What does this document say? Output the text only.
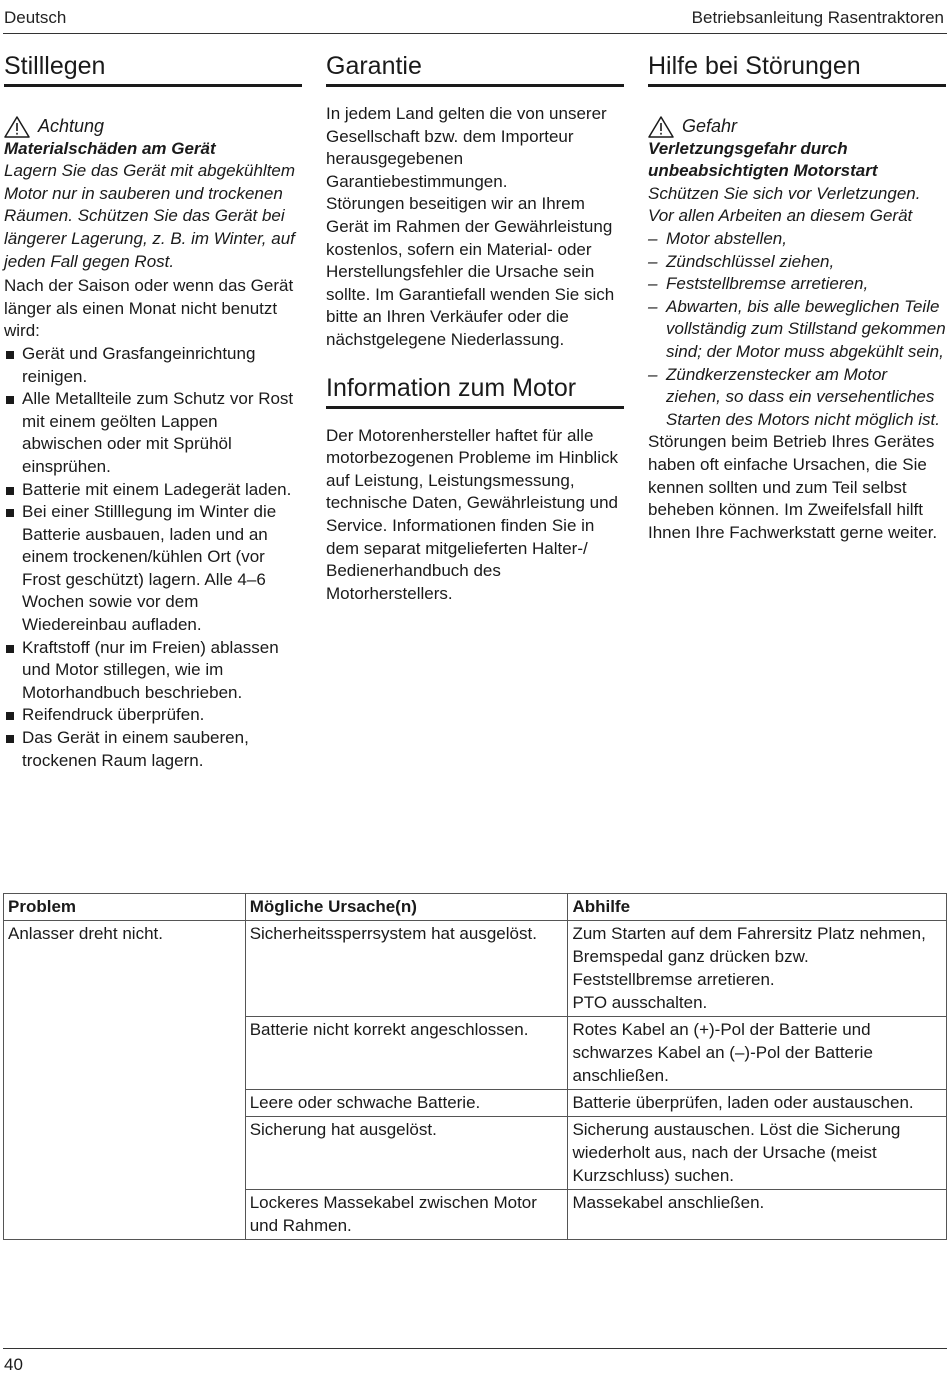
Deutsch	Betriebsanleitung Rasentraktoren
Stilllegen
Achtung

Materialschäden am Gerät

Lagern Sie das Gerät mit abgekühltem Motor nur in sauberen und trockenen Räumen. Schützen Sie das Gerät bei längerer Lagerung, z. B. im Winter, auf jeden Fall gegen Rost.

Nach der Saison oder wenn das Gerät länger als einen Monat nicht benutzt wird:

Gerät und Grasfangeinrichtung reinigen.
Alle Metallteile zum Schutz vor Rost mit einem geölten Lappen abwischen oder mit Sprühöl einsprühen.
Batterie mit einem Ladegerät laden.
Bei einer Stilllegung im Winter die Batterie ausbauen, laden und an einem trockenen/kühlen Ort (vor Frost geschützt) lagern. Alle 4–6 Wochen sowie vor dem Wiedereinbau aufladen.
Kraftstoff (nur im Freien) ablassen und Motor stillegen, wie im Motorhandbuch beschrieben.
Reifendruck überprüfen.
Das Gerät in einem sauberen, trockenen Raum lagern.
Garantie

In jedem Land gelten die von unserer Gesellschaft bzw. dem Importeur herausgegebenen Garantiebestimmungen.

Störungen beseitigen wir an Ihrem Gerät im Rahmen der Gewährleistung kostenlos, sofern ein Material- oder Herstellungsfehler die Ursache sein sollte. Im Garantiefall wenden Sie sich bitte an Ihren Verkäufer oder die nächstgelegene Niederlassung.

Information zum Motor

Der Motorenhersteller haftet für alle motorbezogenen Probleme im Hinblick auf Leistung, Leistungsmessung, technische Daten, Gewährleistung und Service. Informationen finden Sie in dem separat mitgelieferten Halter-/ Bedienerhandbuch des Motorherstellers.

Hilfe bei Störungen
Gefahr

Verletzungsgefahr durch unbeabsichtigten Motorstart

Schützen Sie sich vor Verletzungen.

Vor allen Arbeiten an diesem Gerät

– Motor abstellen,
– Zündschlüssel ziehen,
– Feststellbremse arretieren,
– Abwarten, bis alle beweglichen Teile vollständig zum Stillstand gekommen sind; der Motor muss abgekühlt sein,
– Zündkerzenstecker am Motor ziehen, so dass ein versehentliches Starten des Motors nicht möglich ist.

Störungen beim Betrieb Ihres Gerätes haben oft einfache Ursachen, die Sie kennen sollten und zum Teil selbst beheben können. Im Zweifelsfall hilft Ihnen Ihre Fachwerkstatt gerne weiter.

Problem	Mögliche Ursache(n)	Abhilfe
Anlasser dreht nicht.	Sicherheitssperrsystem hat ausgelöst.	Zum Starten auf dem Fahrersitz Platz nehmen, Bremspedal ganz drücken bzw.
Feststellbremse arretieren.
PTO ausschalten.

	Batterie nicht korrekt angeschlossen.	Rotes Kabel an (+)-Pol der Batterie und schwarzes Kabel an (–)-Pol der Batterie anschließen.
	Leere oder schwache Batterie.	Batterie überprüfen, laden oder austauschen.
	Sicherung hat ausgelöst.	Sicherung austauschen. Löst die Sicherung wiederholt aus, nach der Ursache (meist Kurzschluss) suchen.
	Lockeres Massekabel zwischen Motor und Rahmen.	Massekabel anschließen.
40
